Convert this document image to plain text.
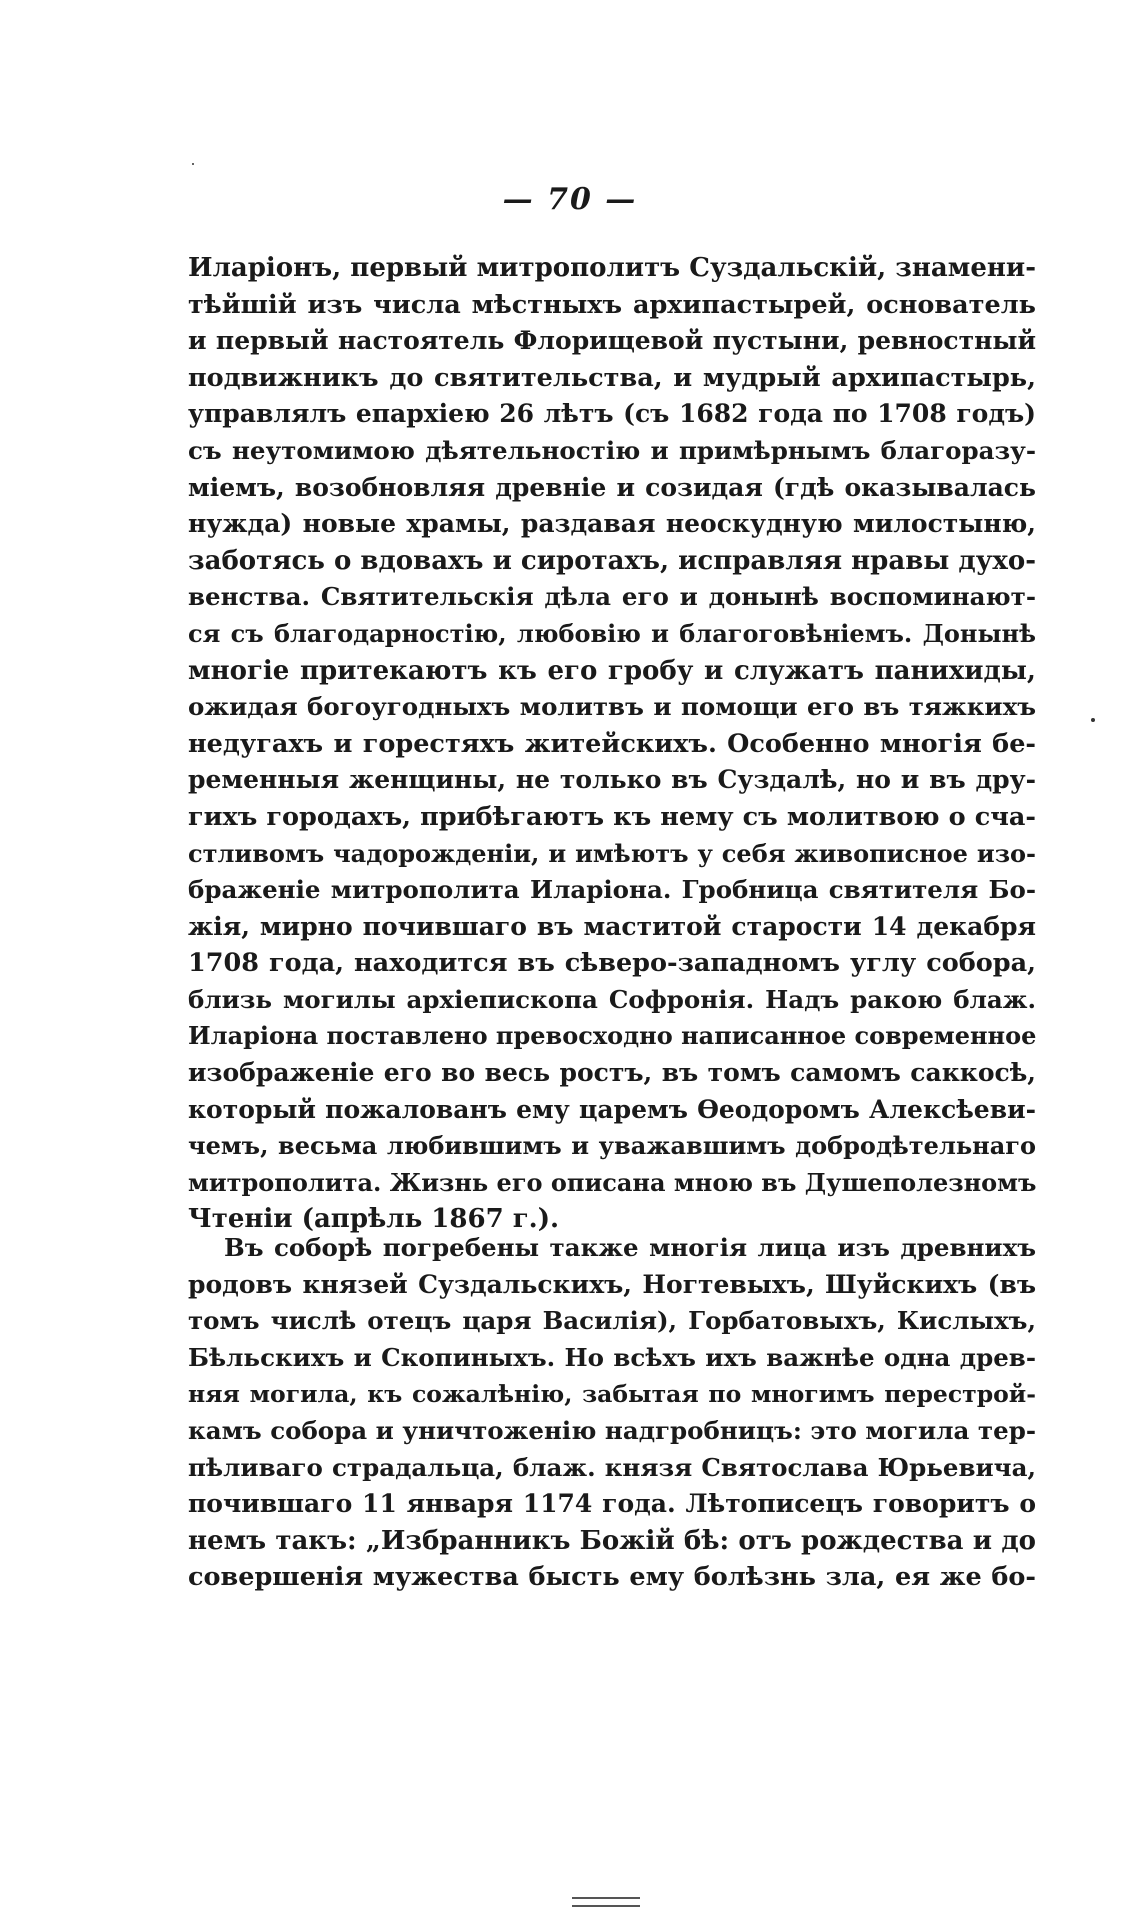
— 70 —
Иларіонъ, первый митрополитъ Суздальскій, знамени-
тѣйшій изъ числа мѣстныхъ архипастырей, основатель
и первый настоятель Флорищевой пустыни, ревностный
подвижникъ до святительства, и мудрый архипастырь,
управлялъ епархіею 26 лѣтъ (съ 1682 года по 1708 годъ)
съ неутомимою дѣятельностію и примѣрнымъ благоразу-
міемъ, возобновляя древніе и созидая (гдѣ оказывалась
нужда) новые храмы, раздавая неоскудную милостыню,
заботясь о вдовахъ и сиротахъ, исправляя нравы духо-
венства. Святительскія дѣла его и донынѣ воспоминают-
ся съ благодарностію, любовію и благоговѣніемъ. Донынѣ
многіе притекаютъ къ его гробу и служатъ панихиды,
ожидая богоугодныхъ молитвъ и помощи его въ тяжкихъ
недугахъ и горестяхъ житейскихъ. Особенно многія бе-
ременныя женщины, не только въ Суздалѣ, но и въ дру-
гихъ городахъ, прибѣгаютъ къ нему съ молитвою о сча-
стливомъ чадорожденіи, и имѣютъ у себя живописное изо-
браженіе митрополита Иларіона. Гробница святителя Бо-
жія, мирно почившаго въ маститой старости 14 декабря
1708 года, находится въ сѣверо-западномъ углу собора,
близь могилы архіепископа Софронія. Надъ ракою блаж.
Иларіона поставлено превосходно написанное современное
изображеніе его во весь ростъ, въ томъ самомъ саккосѣ,
который пожалованъ ему царемъ Ѳеодоромъ Алексѣеви-
чемъ, весьма любившимъ и уважавшимъ добродѣтельнаго
митрополита. Жизнь его описана мною въ Душеполезномъ
Чтеніи (апрѣль 1867 г.).
Въ соборѣ погребены также многія лица изъ древнихъ
родовъ князей Суздальскихъ, Ногтевыхъ, Шуйскихъ (въ
томъ числѣ отецъ царя Василія), Горбатовыхъ, Кислыхъ,
Бѣльскихъ и Скопиныхъ. Но всѣхъ ихъ важнѣе одна древ-
няя могила, къ сожалѣнію, забытая по многимъ перестрой-
камъ собора и уничтоженію надгробницъ: это могила тер-
пѣливаго страдальца, блаж. князя Святослава Юрьевича,
почившаго 11 января 1174 года. Лѣтописецъ говоритъ о
немъ такъ: „Избранникъ Божій бѣ: отъ рождества и до
совершенія мужества бысть ему болѣзнь зла, ея же бо-
